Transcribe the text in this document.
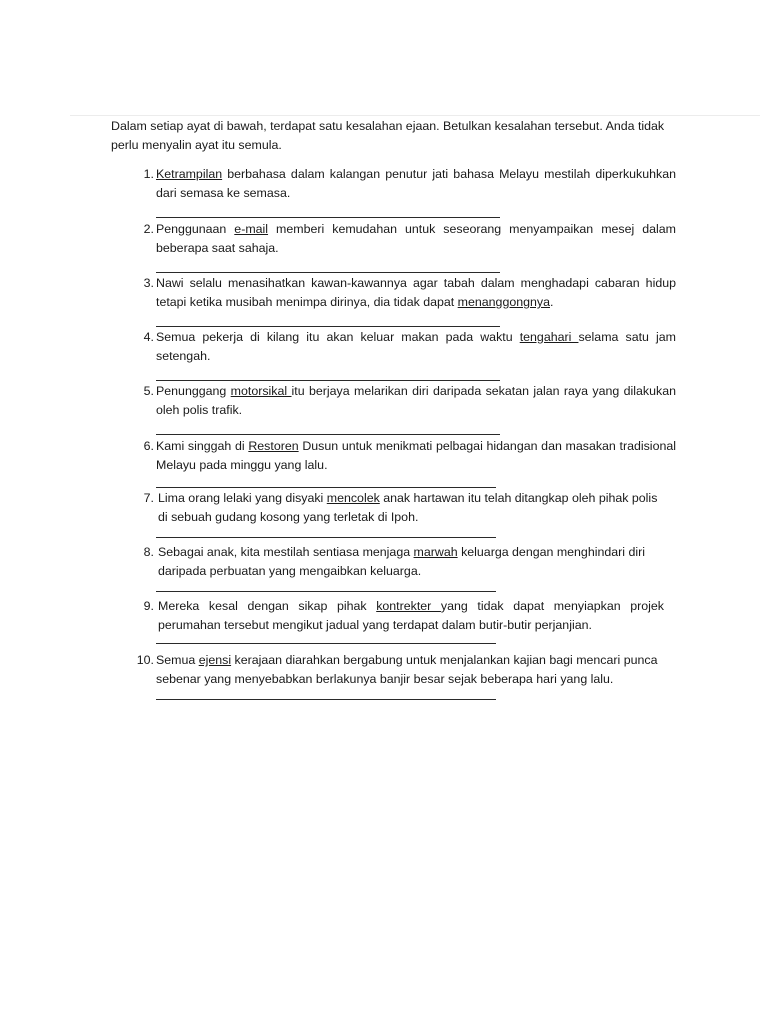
Dalam setiap ayat di bawah, terdapat satu kesalahan ejaan. Betulkan kesalahan tersebut. Anda tidak perlu menyalin ayat itu semula.

1. Ketrampilan berbahasa dalam kalangan penutur jati bahasa Melayu mestilah diperkukuhkan dari semasa ke semasa.
2. Penggunaan e-mail memberi kemudahan untuk seseorang menyampaikan mesej dalam beberapa saat sahaja.
3. Nawi selalu menasihatkan kawan-kawannya agar tabah dalam menghadapi cabaran hidup tetapi ketika musibah menimpa dirinya, dia tidak dapat menanggongnya.
4. Semua pekerja di kilang itu akan keluar makan pada waktu tengahari selama satu jam setengah.
5. Penunggang motorsikal itu berjaya melarikan diri daripada sekatan jalan raya yang dilakukan oleh polis trafik.
6. Kami singgah di Restoren Dusun untuk menikmati pelbagai hidangan dan masakan tradisional Melayu pada minggu yang lalu.
7. Lima orang lelaki yang disyaki mencolek anak hartawan itu telah ditangkap oleh pihak polis di sebuah gudang kosong yang terletak di Ipoh.
8. Sebagai anak, kita mestilah sentiasa menjaga marwah keluarga dengan menghindari diri daripada perbuatan yang mengaibkan keluarga.
9. Mereka kesal dengan sikap pihak kontrekter yang tidak dapat menyiapkan projek perumahan tersebut mengikut jadual yang terdapat dalam butir-butir perjanjian.
10. Semua ejensi kerajaan diarahkan bergabung untuk menjalankan kajian bagi mencari punca sebenar yang menyebabkan berlakunya banjir besar sejak beberapa hari yang lalu.
